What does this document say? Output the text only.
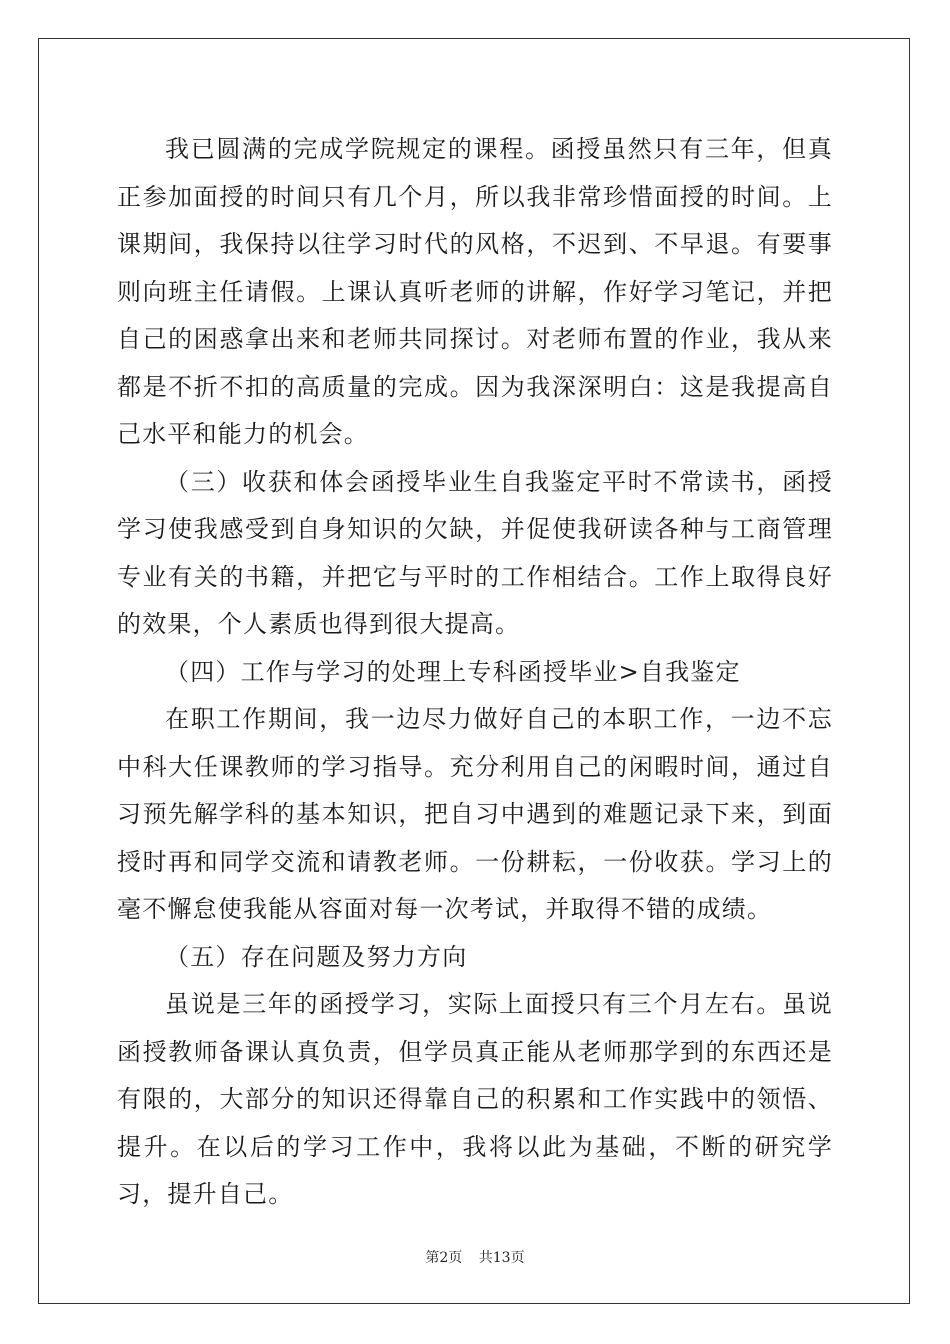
我已圆满的完成学院规定的课程。函授虽然只有三年，但真正参加面授的时间只有几个月，所以我非常珍惜面授的时间。上课期间，我保持以往学习时代的风格，不迟到、不早退。有要事则向班主任请假。上课认真听老师的讲解，作好学习笔记，并把自己的困惑拿出来和老师共同探讨。对老师布置的作业，我从来都是不折不扣的高质量的完成。因为我深深明白：这是我提高自己水平和能力的机会。

（三）收获和体会函授毕业生自我鉴定平时不常读书，函授学习使我感受到自身知识的欠缺，并促使我研读各种与工商管理专业有关的书籍，并把它与平时的工作相结合。工作上取得良好的效果，个人素质也得到很大提高。

（四）工作与学习的处理上专科函授毕业>自我鉴定

在职工作期间，我一边尽力做好自己的本职工作，一边不忘中科大任课教师的学习指导。充分利用自己的闲暇时间，通过自习预先解学科的基本知识，把自习中遇到的难题记录下来，到面授时再和同学交流和请教老师。一份耕耘，一份收获。学习上的毫不懈怠使我能从容面对每一次考试，并取得不错的成绩。

（五）存在问题及努力方向

虽说是三年的函授学习，实际上面授只有三个月左右。虽说函授教师备课认真负责，但学员真正能从老师那学到的东西还是有限的，大部分的知识还得靠自己的积累和工作实践中的领悟、提升。在以后的学习工作中，我将以此为基础，不断的研究学习，提升自己。

第2页 共13页
